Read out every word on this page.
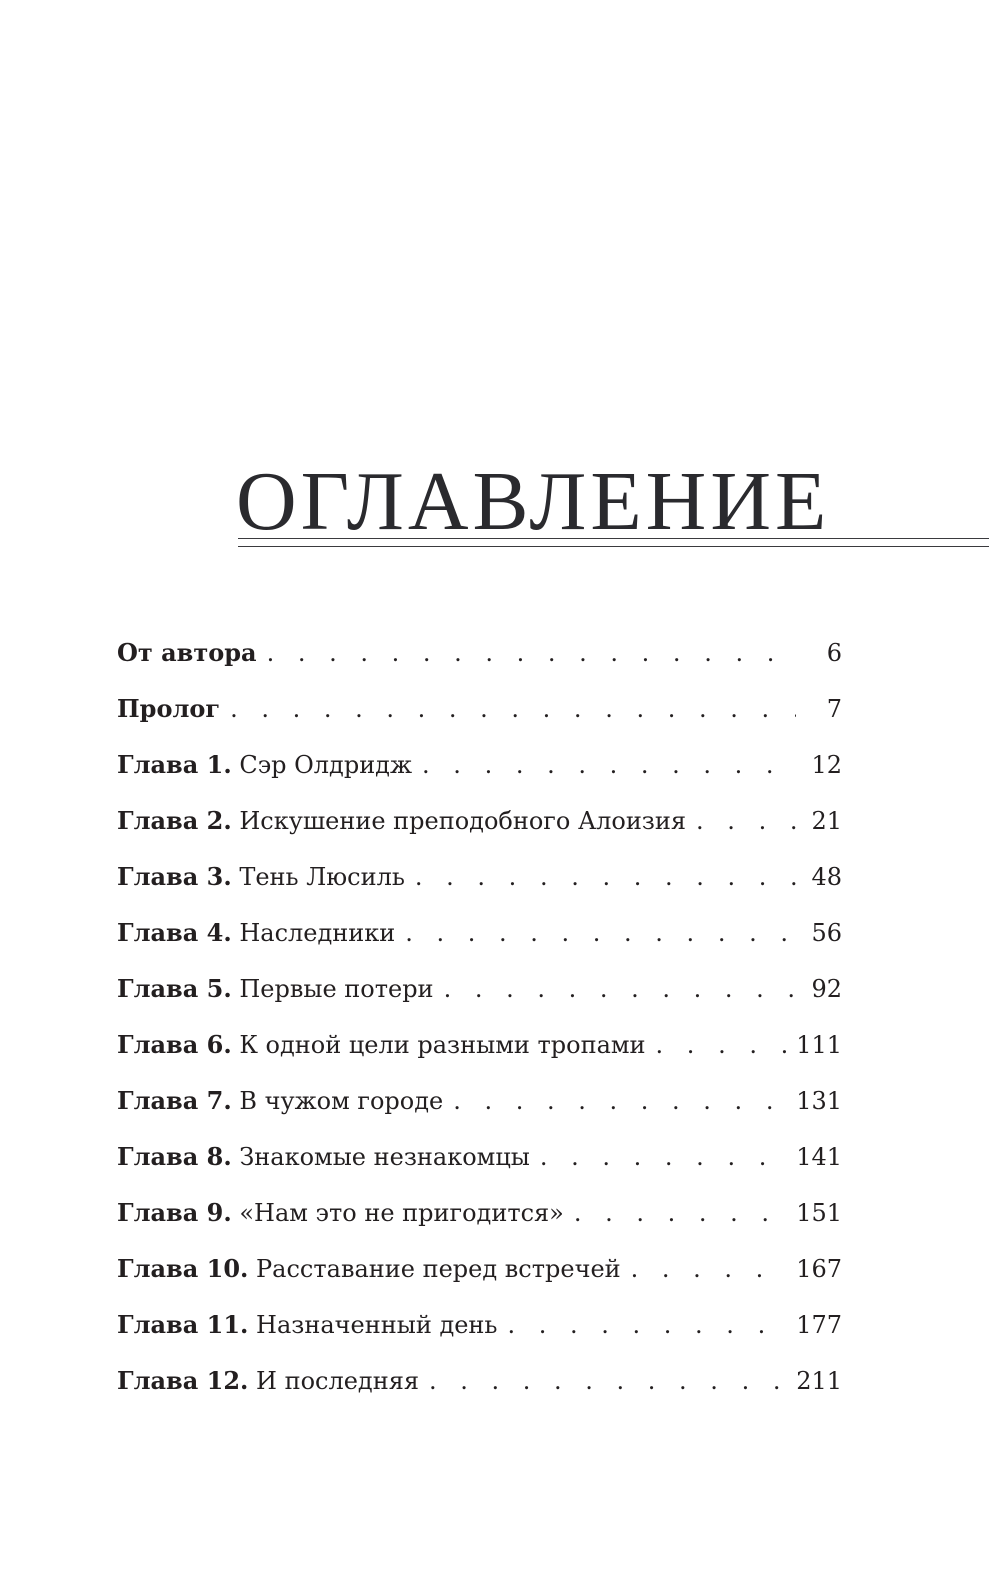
ОГЛАВЛЕНИЕ
От автора . . .	6
Пролог . . .	7
Глава 1. Сэр Олдридж . . .	12
Глава 2. Искушение преподобного Алоизия . . .	21
Глава 3. Тень Люсиль . . .	48
Глава 4. Наследники . . .	56
Глава 5. Первые потери . . .	92
Глава 6. К одной цели разными тропами . . .	111
Глава 7. В чужом городе . . .	131
Глава 8. Знакомые незнакомцы . . .	141
Глава 9. «Нам это не пригодится» . . .	151
Глава 10. Расставание перед встречей . . .	167
Глава 11. Назначенный день . . .	177
Глава 12. И последняя . . .	211
